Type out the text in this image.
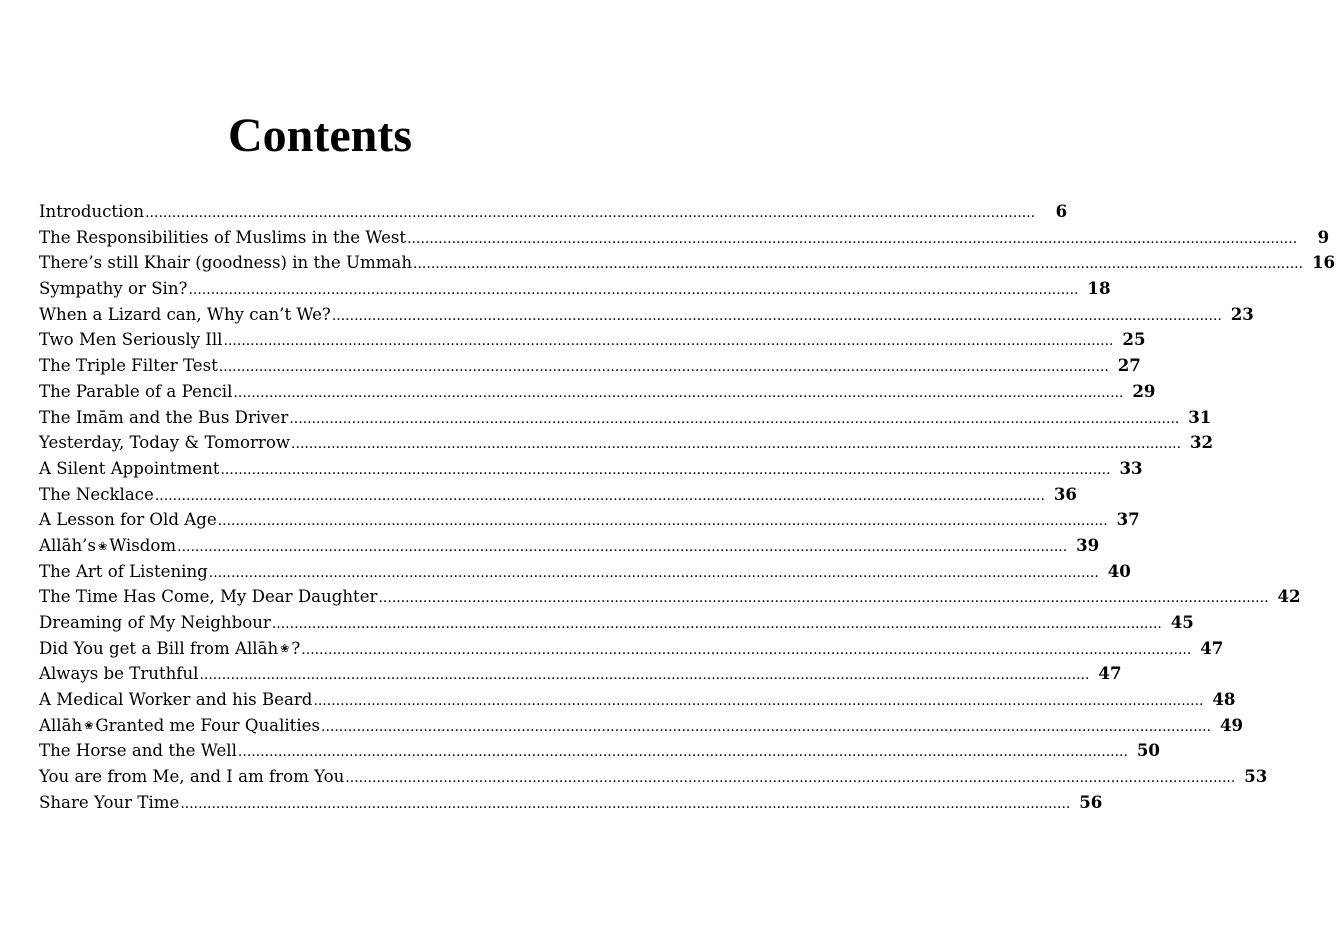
Contents
Introduction ........................................................................................................................................................................................................	6
The Responsibilities of Muslims in the West ........................................................................................................................................................................................................	9
There’s still Khair (goodness) in the Ummah ........................................................................................................................................................................................................ 16
Sympathy or Sin? ........................................................................................................................................................................................................ 18
When a Lizard can, Why can’t We? ........................................................................................................................................................................................................ 23
Two Men Seriously Ill ........................................................................................................................................................................................................ 25
The Triple Filter Test ........................................................................................................................................................................................................ 27
The Parable of a Pencil ........................................................................................................................................................................................................ 29
The Imām and the Bus Driver ........................................................................................................................................................................................................ 31
Yesterday, Today & Tomorrow ........................................................................................................................................................................................................ 32
A Silent Appointment ........................................................................................................................................................................................................ 33
The Necklace ........................................................................................................................................................................................................ 36
A Lesson for Old Age ........................................................................................................................................................................................................ 37
Allāh’s ❀ Wisdom ........................................................................................................................................................................................................ 39
The Art of Listening ........................................................................................................................................................................................................ 40
The Time Has Come, My Dear Daughter ........................................................................................................................................................................................................ 42
Dreaming of My Neighbour ........................................................................................................................................................................................................ 45
Did You get a Bill from Allāh ❀ ? ........................................................................................................................................................................................................ 47
Always be Truthful ........................................................................................................................................................................................................ 47
A Medical Worker and his Beard ........................................................................................................................................................................................................ 48
Allāh ❀ Granted me Four Qualities ........................................................................................................................................................................................................ 49
The Horse and the Well ........................................................................................................................................................................................................ 50
You are from Me, and I am from You ........................................................................................................................................................................................................ 53
Share Your Time ........................................................................................................................................................................................................ 56
